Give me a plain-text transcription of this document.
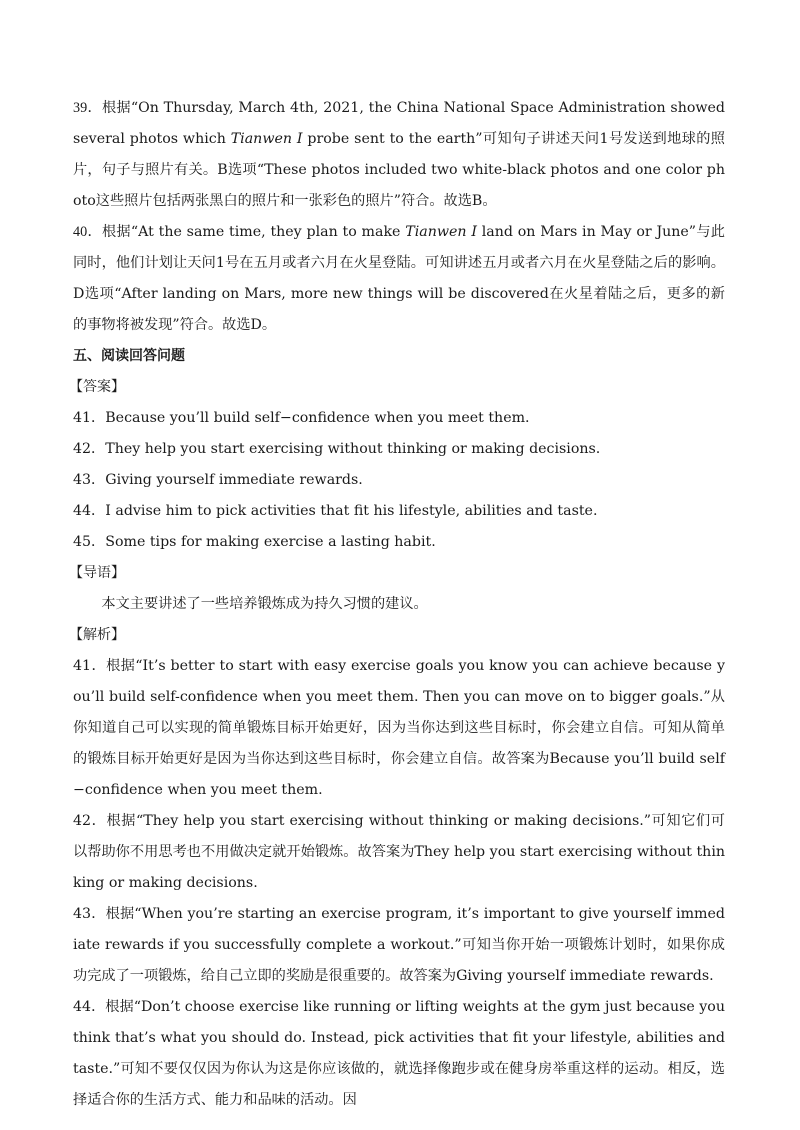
39．根据“On Thursday, March 4th, 2021, the China National Space Administration showed several photos which Tianwen I probe sent to the earth”可知句子讲述天问1号发送到地球的照片，句子与照片有关。B选项“These photos included two white-black photos and one color photo这些照片包括两张黑白的照片和一张彩色的照片”符合。故选B。

40．根据“At the same time, they plan to make Tianwen I land on Mars in May or June”与此同时，他们计划让天问1号在五月或者六月在火星登陆。可知讲述五月或者六月在火星登陆之后的影响。D选项“After landing on Mars, more new things will be discovered在火星着陆之后，更多的新的事物将被发现”符合。故选D。

五、阅读回答问题

【答案】

41．Because you’ll build self−confidence when you meet them.

42．They help you start exercising without thinking or making decisions.

43．Giving yourself immediate rewards.

44．I advise him to pick activities that fit his lifestyle, abilities and taste.

45．Some tips for making exercise a lasting habit.

【导语】

本文主要讲述了一些培养锻炼成为持久习惯的建议。

【解析】

41．根据“It’s better to start with easy exercise goals you know you can achieve because you’ll build self-confidence when you meet them. Then you can move on to bigger goals.”从你知道自己可以实现的简单锻炼目标开始更好，因为当你达到这些目标时，你会建立自信。可知从简单的锻炼目标开始更好是因为当你达到这些目标时，你会建立自信。故答案为Because you’ll build self−confidence when you meet them.

42．根据“They help you start exercising without thinking or making decisions.”可知它们可以帮助你不用思考也不用做决定就开始锻炼。故答案为They help you start exercising without thinking or making decisions.

43．根据“When you’re starting an exercise program, it’s important to give yourself immediate rewards if you successfully complete a workout.”可知当你开始一项锻炼计划时，如果你成功完成了一项锻炼，给自己立即的奖励是很重要的。故答案为Giving yourself immediate rewards.

44．根据“Don’t choose exercise like running or lifting weights at the gym just because you think that’s what you should do. Instead, pick activities that fit your lifestyle, abilities and taste.”可知不要仅仅因为你认为这是你应该做的，就选择像跑步或在健身房举重这样的运动。相反，选择适合你的生活方式、能力和品味的活动。因
